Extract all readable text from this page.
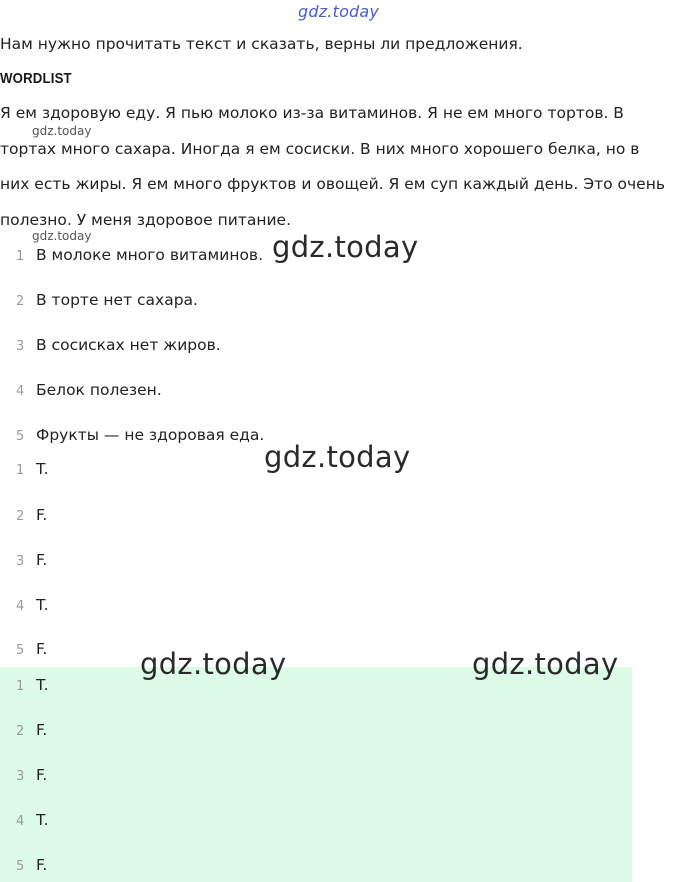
gdz.today
Нам нужно прочитать текст и сказать, верны ли предложения.
WORDLIST
Я ем здоровую еду. Я пью молоко из-за витаминов. Я не ем много тортов. В
тортах много сахара. Иногда я ем сосиски. В них много хорошего белка, но в
них есть жиры. Я ем много фруктов и овощей. Я ем суп каждый день. Это очень
полезно. У меня здоровое питание.
gdz.today
gdz.today
1 В молоке много витаминов.
2 В торте нет сахара.
3 В сосисках нет жиров.
4 Белок полезен.
5 Фрукты — не здоровая еда.
1 T.
2 F.
3 F.
4 T.
5 F.
1 T.
2 F.
3 F.
4 T.
5 F.
gdz.today
gdz.today
gdz.today	gdz.today
